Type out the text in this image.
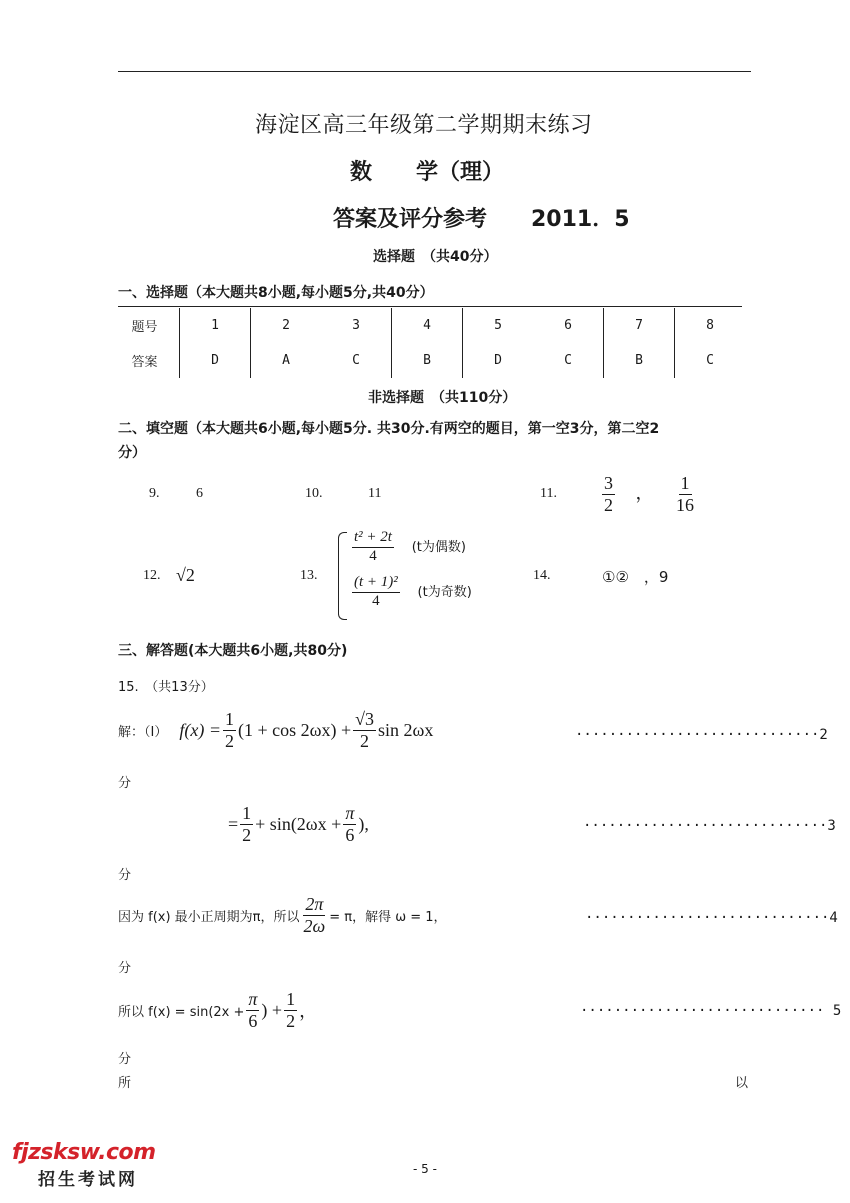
海淀区高三年级第二学期期末练习
数　　学（理）
答案及评分参考　　2011．5
选择题　（共40分）
一、选择题（本大题共8小题,每小题5分,共40分）
题号	1	2	3	4	5	6	7	8
答案	D	A	C	B	D	C	B	C
非选择题　（共110分）
二、填空题（本大题共6小题,每小题5分. 共30分.有两空的题目，第一空3分，第二空2
分）
9.	6	10.	11	11.	$\frac{3}{2}$ ， $\frac{1}{16}$
12. √2	13.
$\frac{\text{t² + 2t}}{4} (t$为偶数)
$\frac{\text{(t + 1)²}}{4} (t$为奇数)
14.	①②　，9
三、解答题(本大题共6小题,共80分)
15.　（共13分）
解：（Ⅰ） $f(x) = \frac{1}{2} (1 + \cos 2\omega x) + \frac{√3}{2}$ sin 2ωx	·····························2
分
= $\frac{1}{2} + \sin(2\omega x + \frac{\pi}{6}$ ),	·····························3
分
因为 f(x) 最小正周期为π，所以 $\frac{2\pi}{2\omega} = \pi$，解得 ω = 1，	·····························4
分
所以 $f(x) = \sin(2x + \frac{\pi}{6}$ ) + $\frac{1}{2}$ ，	····························· 5
分
所	以
fjzsksw.com
招生考试网
- 5 -
